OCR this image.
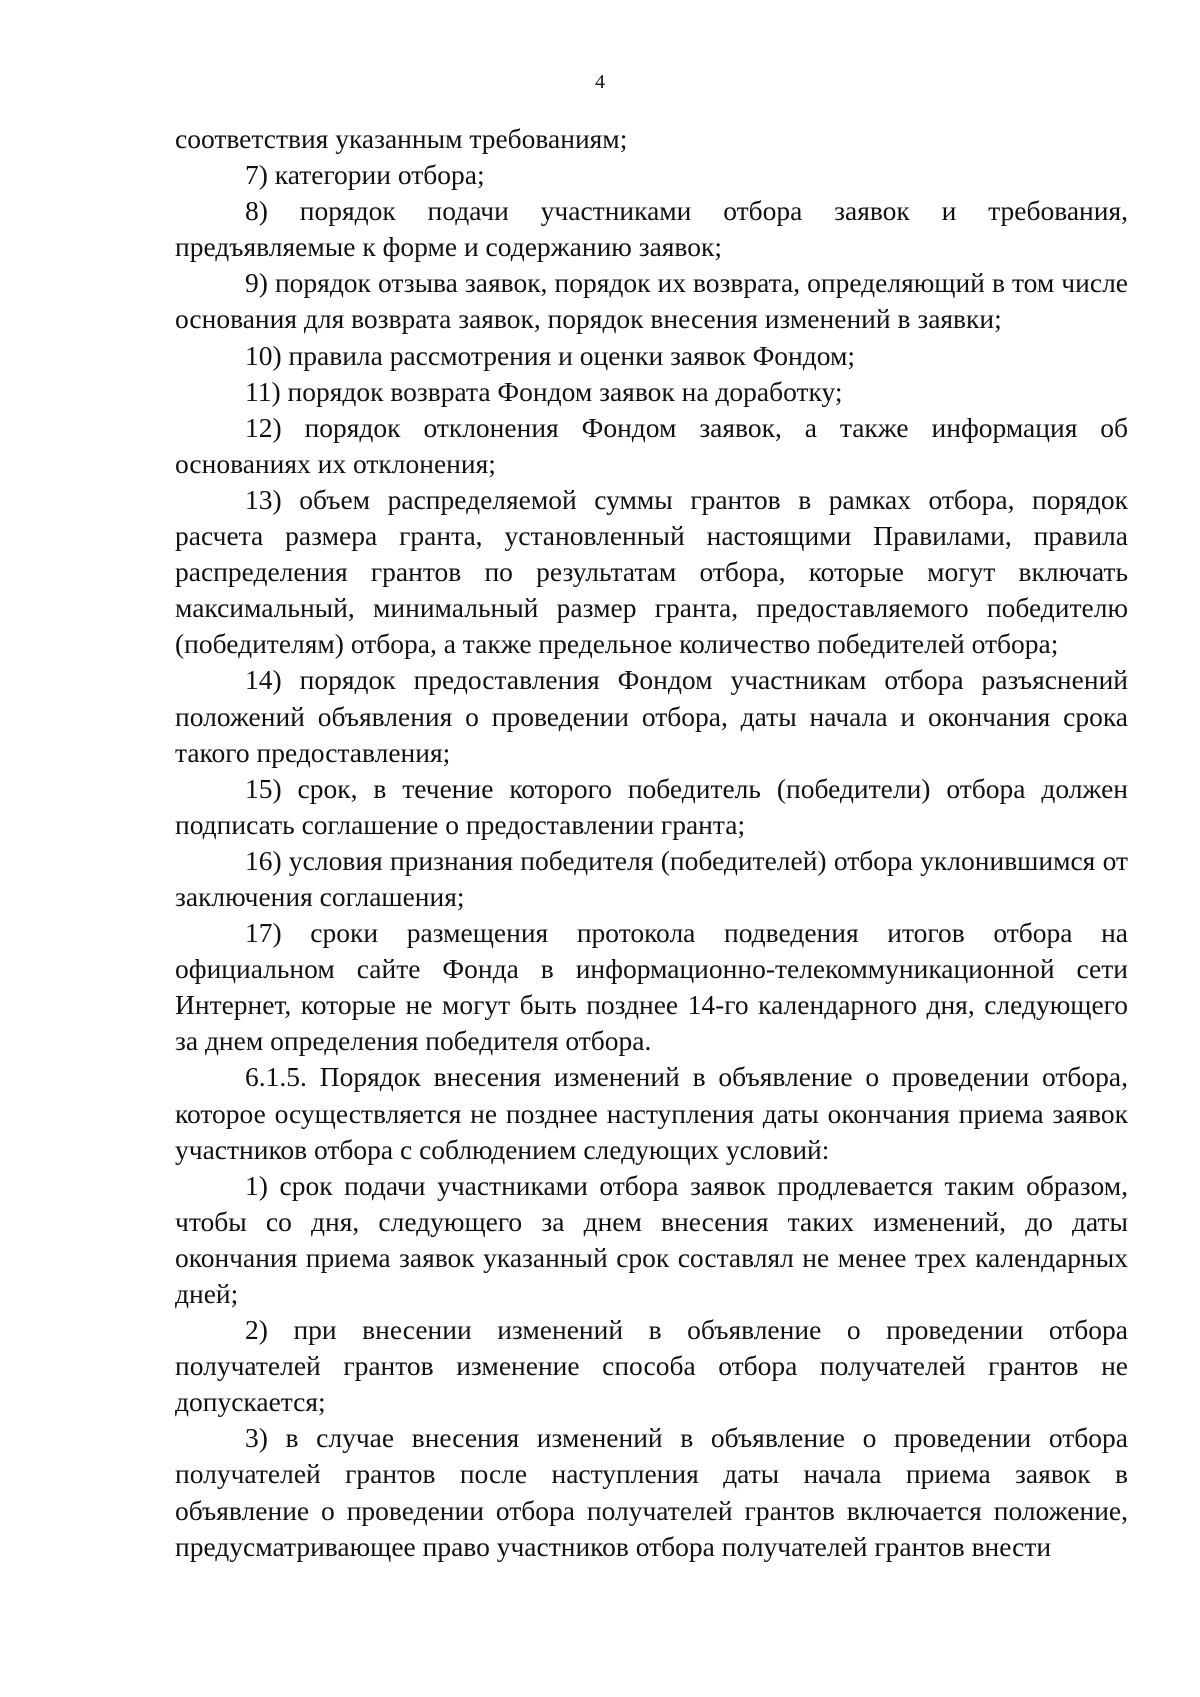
4

соответствия указанным требованиям;

7) категории отбора;

8) порядок подачи участниками отбора заявок и требования, предъявляемые к форме и содержанию заявок;

9) порядок отзыва заявок, порядок их возврата, определяющий в том числе основания для возврата заявок, порядок внесения изменений в заявки;

10) правила рассмотрения и оценки заявок Фондом;

11) порядок возврата Фондом заявок на доработку;

12) порядок отклонения Фондом заявок, а также информация об основаниях их отклонения;

13) объем распределяемой суммы грантов в рамках отбора, порядок расчета размера гранта, установленный настоящими Правилами, правила распределения грантов по результатам отбора, которые могут включать максимальный, минимальный размер гранта, предоставляемого победителю (победителям) отбора, а также предельное количество победителей отбора;

14) порядок предоставления Фондом участникам отбора разъяснений положений объявления о проведении отбора, даты начала и окончания срока такого предоставления;

15) срок, в течение которого победитель (победители) отбора должен подписать соглашение о предоставлении гранта;

16) условия признания победителя (победителей) отбора уклонившимся от заключения соглашения;

17) сроки размещения протокола подведения итогов отбора на официальном сайте Фонда в информационно-телекоммуникационной сети Интернет, которые не могут быть позднее 14-го календарного дня, следующего за днем определения победителя отбора.

6.1.5. Порядок внесения изменений в объявление о проведении отбора, которое осуществляется не позднее наступления даты окончания приема заявок участников отбора с соблюдением следующих условий:

1) срок подачи участниками отбора заявок продлевается таким образом, чтобы со дня, следующего за днем внесения таких изменений, до даты окончания приема заявок указанный срок составлял не менее трех календарных дней;

2) при внесении изменений в объявление о проведении отбора получателей грантов изменение способа отбора получателей грантов не допускается;

3) в случае внесения изменений в объявление о проведении отбора получателей грантов после наступления даты начала приема заявок в объявление о проведении отбора получателей грантов включается положение, предусматривающее право участников отбора получателей грантов внести
